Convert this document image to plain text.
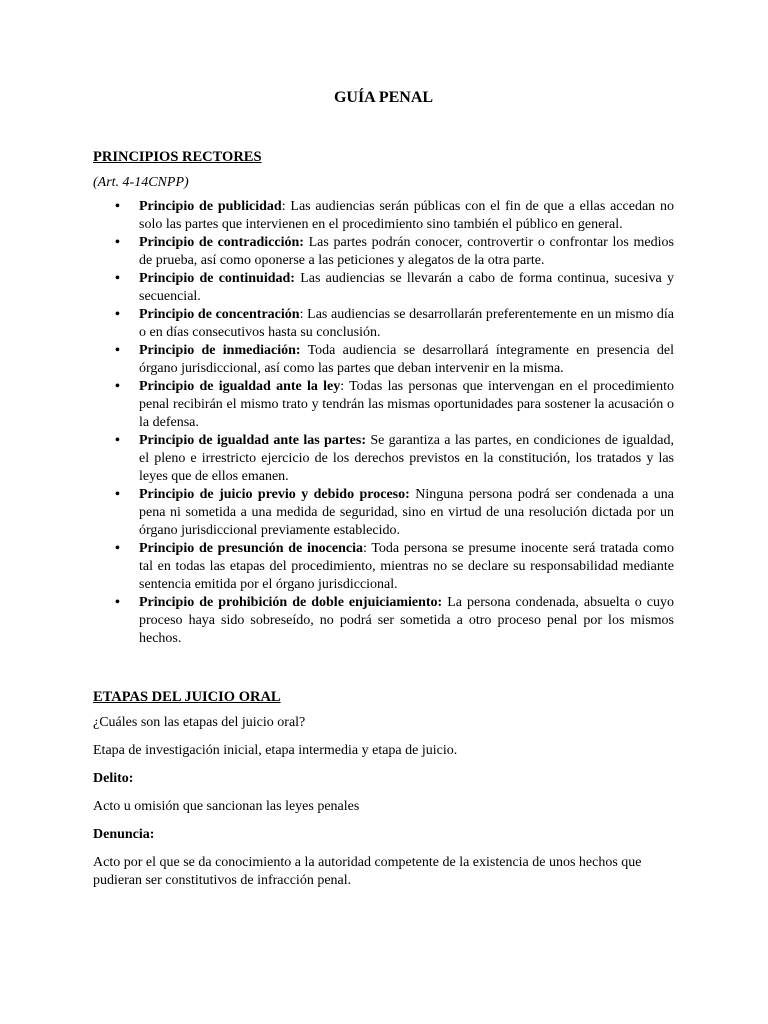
GUÍA PENAL
PRINCIPIOS RECTORES
(Art. 4-14CNPP)
• Principio de publicidad: Las audiencias serán públicas con el fin de que a ellas accedan no solo las partes que intervienen en el procedimiento sino también el público en general.
• Principio de contradicción: Las partes podrán conocer, controvertir o confrontar los medios de prueba, así como oponerse a las peticiones y alegatos de la otra parte.
• Principio de continuidad: Las audiencias se llevarán a cabo de forma continua, sucesiva y secuencial.
• Principio de concentración: Las audiencias se desarrollarán preferentemente en un mismo día o en días consecutivos hasta su conclusión.
• Principio de inmediación: Toda audiencia se desarrollará íntegramente en presencia del órgano jurisdiccional, así como las partes que deban intervenir en la misma.
• Principio de igualdad ante la ley: Todas las personas que intervengan en el procedimiento penal recibirán el mismo trato y tendrán las mismas oportunidades para sostener la acusación o la defensa.
• Principio de igualdad ante las partes: Se garantiza a las partes, en condiciones de igualdad, el pleno e irrestricto ejercicio de los derechos previstos en la constitución, los tratados y las leyes que de ellos emanen.
• Principio de juicio previo y debido proceso: Ninguna persona podrá ser condenada a una pena ni sometida a una medida de seguridad, sino en virtud de una resolución dictada por un órgano jurisdiccional previamente establecido.
• Principio de presunción de inocencia: Toda persona se presume inocente será tratada como tal en todas las etapas del procedimiento, mientras no se declare su responsabilidad mediante sentencia emitida por el órgano jurisdiccional.
• Principio de prohibición de doble enjuiciamiento: La persona condenada, absuelta o cuyo proceso haya sido sobreseído, no podrá ser sometida a otro proceso penal por los mismos hechos.
ETAPAS DEL JUICIO ORAL
¿Cuáles son las etapas del juicio oral?
Etapa de investigación inicial, etapa intermedia y etapa de juicio.
Delito:
Acto u omisión que sancionan las leyes penales
Denuncia:
Acto por el que se da conocimiento a la autoridad competente de la existencia de unos hechos que pudieran ser constitutivos de infracción penal.
